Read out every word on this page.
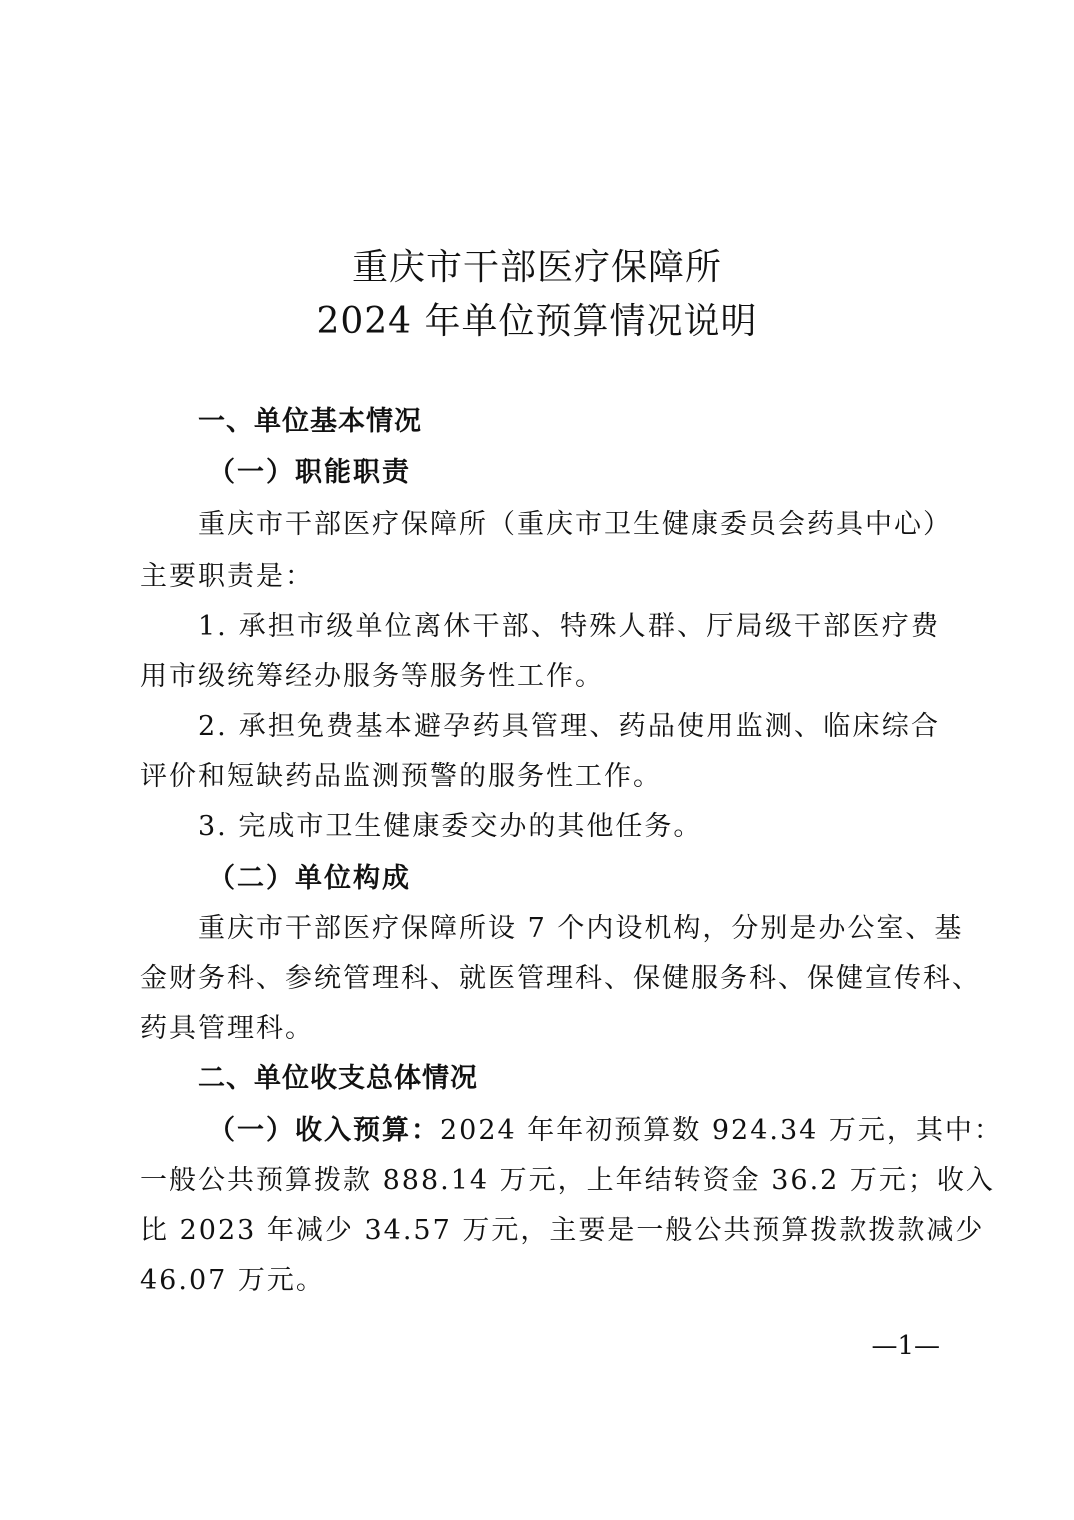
重庆市干部医疗保障所
2024 年单位预算情况说明

一、单位基本情况

（一）职能职责

重庆市干部医疗保障所（重庆市卫生健康委员会药具中心）

主要职责是：

1. 承担市级单位离休干部、特殊人群、厅局级干部医疗费

用市级统筹经办服务等服务性工作。

2. 承担免费基本避孕药具管理、药品使用监测、临床综合

评价和短缺药品监测预警的服务性工作。

3. 完成市卫生健康委交办的其他任务。

（二）单位构成

重庆市干部医疗保障所设 7 个内设机构，分别是办公室、基

金财务科、参统管理科、就医管理科、保健服务科、保健宣传科、

药具管理科。

二、单位收支总体情况

（一）收入预算：2024 年年初预算数 924.34 万元，其中：

一般公共预算拨款 888.14 万元，上年结转资金 36.2 万元；收入

比 2023 年减少 34.57 万元，主要是一般公共预算拨款拨款减少

46.07 万元。

—1—
